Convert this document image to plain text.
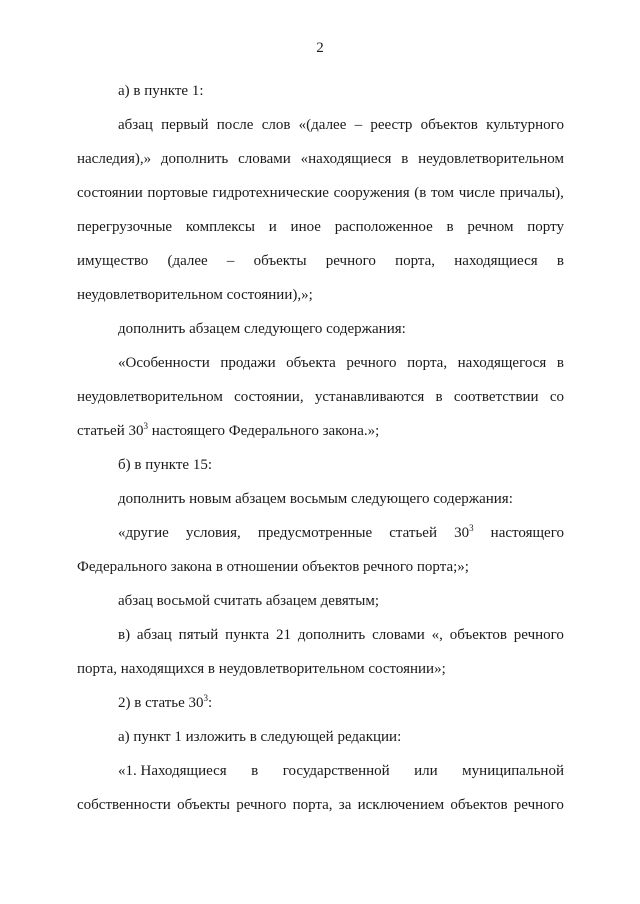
2

а) в пункте 1:

абзац первый после слов «(далее – реестр объектов культурного
наследия),» дополнить словами «находящиеся в неудовлетворительном
состоянии портовые гидротехнические сооружения (в том числе причалы),
перегрузочные комплексы и иное расположенное в речном порту
имущество (далее – объекты речного порта, находящиеся в
неудовлетворительном состоянии),»;

дополнить абзацем следующего содержания:

«Особенности продажи объекта речного порта, находящегося в
неудовлетворительном состоянии, устанавливаются в соответствии со
статьей $30^3$ настоящего Федерального закона.»;

б) в пункте 15:

дополнить новым абзацем восьмым следующего содержания:

«другие условия, предусмотренные статьей $30^3$ настоящего
Федерального закона в отношении объектов речного порта;»;

абзац восьмой считать абзацем девятым;

в) абзац пятый пункта 21 дополнить словами «, объектов речного
порта, находящихся в неудовлетворительном состоянии»;

2) в статье $30^3$:

а) пункт 1 изложить в следующей редакции:

«1. Находящиеся в государственной или муниципальной
собственности объекты речного порта, за исключением объектов речного
